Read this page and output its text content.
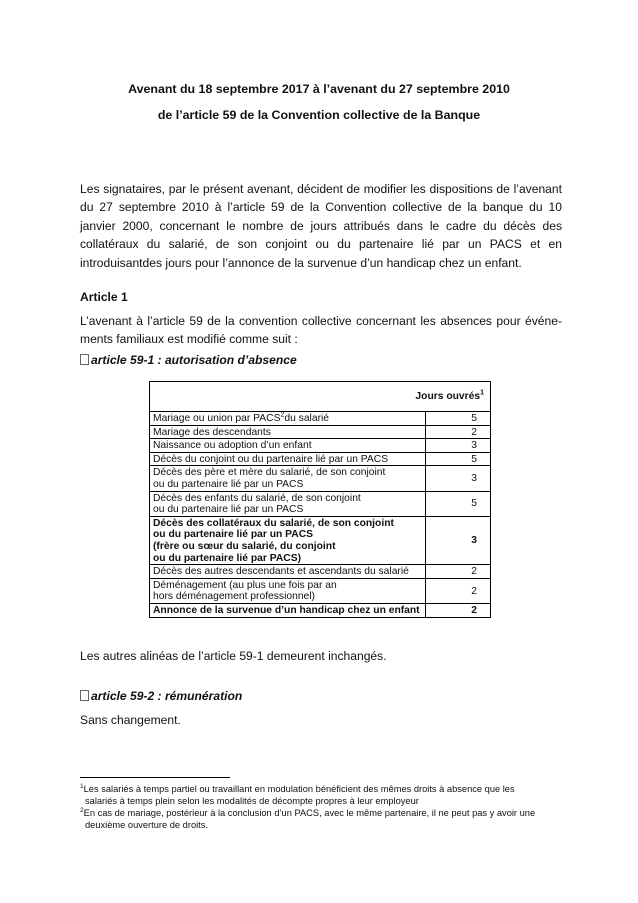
Avenant du 18 septembre 2017 à l’avenant du 27 septembre 2010
de l’article 59 de la Convention collective de la Banque
Les signataires, par le présent avenant, décident de modifier les dispositions de l’avenant du 27 septembre 2010 à l’article 59 de la Convention collective de la banque du 10 janvier 2000, concernant le nombre de jours attribués dans le cadre du décès des collatéraux du salarié, de son conjoint ou du partenaire lié par un PACS et en introduisantdes jours pour l’annonce de la survenue d’un handicap chez un enfant.
Article 1
L’avenant à l’article 59 de la convention collective concernant les absences pour événe-ments familiaux est modifié comme suit :
article 59-1 : autorisation d’absence
Jours ouvrés$^1$
Mariage ou union par PACS$^2$du salarié	5
Mariage des descendants	2
Naissance ou adoption d’un enfant	3
Décès du conjoint ou du partenaire lié par un PACS	5
Décès des père et mère du salarié, de son conjoint
ou du partenaire lié par un PACS	3
Décès des enfants du salarié, de son conjoint
ou du partenaire lié par un PACS	5
Décès des collatéraux du salarié, de son conjoint
ou du partenaire lié par un PACS
(frère ou sœur du salarié, du conjoint
ou du partenaire lié par PACS)	3
Décès des autres descendants et ascendants du salarié	2
Déménagement (au plus une fois par an
hors déménagement professionnel)	2
Annonce de la survenue d’un handicap chez un enfant	2
Les autres alinéas de l’article 59-1 demeurent inchangés.
article 59-2 : rémunération
Sans changement.
$^1$Les salariés à temps partiel ou travaillant en modulation bénéficient des mêmes droits à absence que les
salariés à temps plein selon les modalités de décompte propres à leur employeur
$^2$En cas de mariage, postérieur à la conclusion d’un PACS, avec le même partenaire, il ne peut pas y avoir une
deuxième ouverture de droits.
